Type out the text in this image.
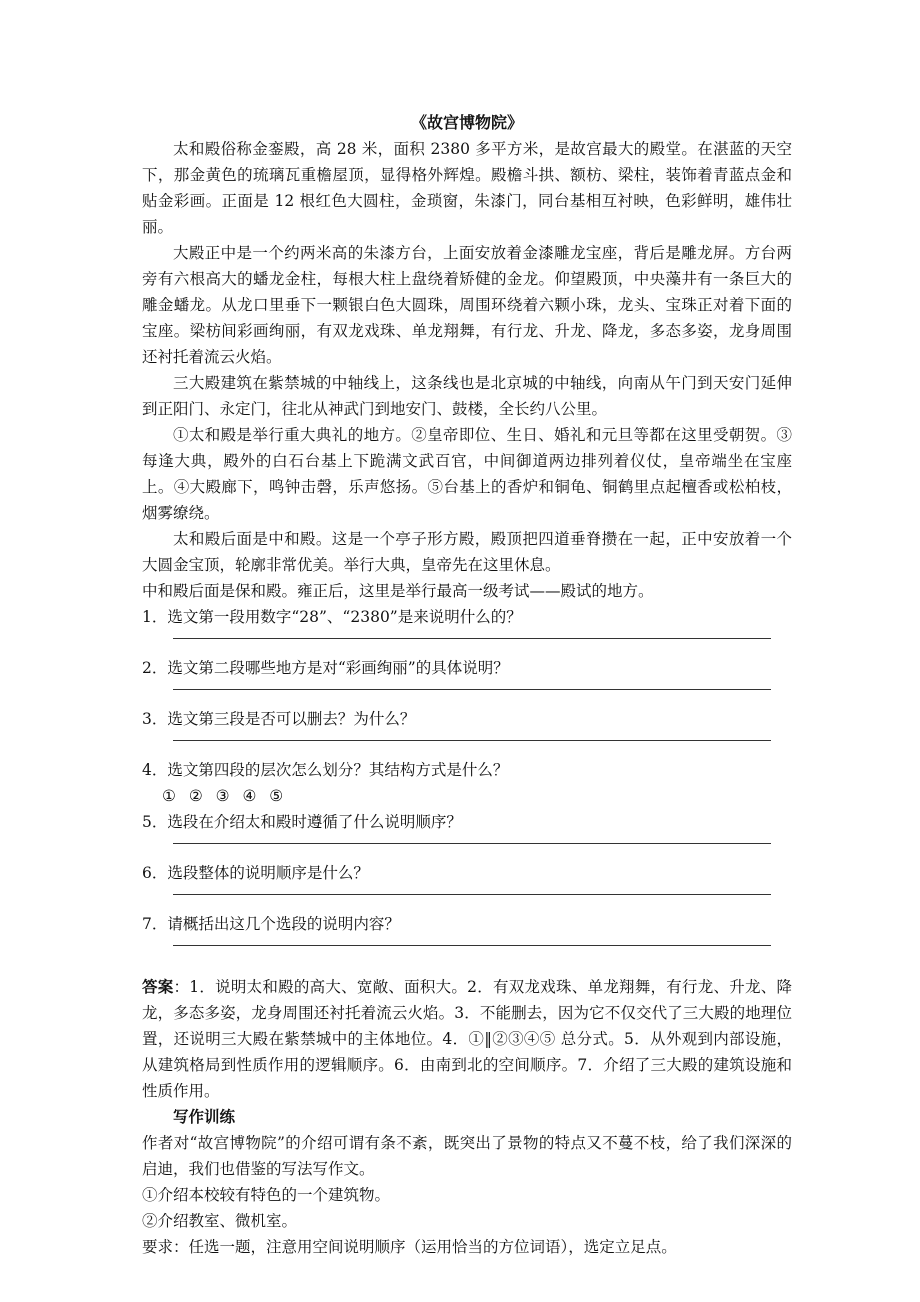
《故宫博物院》

太和殿俗称金銮殿，高 28 米，面积 2380 多平方米，是故宫最大的殿堂。在湛蓝的天空下，那金黄色的琉璃瓦重檐屋顶，显得格外辉煌。殿檐斗拱、额枋、梁柱，装饰着青蓝点金和贴金彩画。正面是 12 根红色大圆柱，金琐窗，朱漆门，同台基相互衬映，色彩鲜明，雄伟壮丽。

大殿正中是一个约两米高的朱漆方台，上面安放着金漆雕龙宝座，背后是雕龙屏。方台两旁有六根高大的蟠龙金柱，每根大柱上盘绕着矫健的金龙。仰望殿顶，中央藻井有一条巨大的雕金蟠龙。从龙口里垂下一颗银白色大圆珠，周围环绕着六颗小珠，龙头、宝珠正对着下面的宝座。梁枋间彩画绚丽，有双龙戏珠、单龙翔舞，有行龙、升龙、降龙，多态多姿，龙身周围还衬托着流云火焰。

三大殿建筑在紫禁城的中轴线上，这条线也是北京城的中轴线，向南从午门到天安门延伸到正阳门、永定门，往北从神武门到地安门、鼓楼，全长约八公里。

①太和殿是举行重大典礼的地方。②皇帝即位、生日、婚礼和元旦等都在这里受朝贺。③每逢大典，殿外的白石台基上下跪满文武百官，中间御道两边排列着仪仗，皇帝端坐在宝座上。④大殿廊下，鸣钟击磬，乐声悠扬。⑤台基上的香炉和铜龟、铜鹤里点起檀香或松柏枝，烟雾缭绕。

太和殿后面是中和殿。这是一个亭子形方殿，殿顶把四道垂脊攒在一起，正中安放着一个大圆金宝顶，轮廓非常优美。举行大典，皇帝先在这里休息。

中和殿后面是保和殿。雍正后，这里是举行最高一级考试——殿试的地方。

1．选文第一段用数字“28”、“2380”是来说明什么的？

2．选文第二段哪些地方是对“彩画绚丽”的具体说明？

3．选文第三段是否可以删去？为什么？

4．选文第四段的层次怎么划分？其结构方式是什么？

① ② ③ ④ ⑤

5．选段在介绍太和殿时遵循了什么说明顺序？

6．选段整体的说明顺序是什么？

7．请概括出这几个选段的说明内容？

答案：1．说明太和殿的高大、宽敞、面积大。2．有双龙戏珠、单龙翔舞，有行龙、升龙、降龙，多态多姿，龙身周围还衬托着流云火焰。3．不能删去，因为它不仅交代了三大殿的地理位置，还说明三大殿在紫禁城中的主体地位。4．①‖②③④⑤ 总分式。5．从外观到内部设施，从建筑格局到性质作用的逻辑顺序。6．由南到北的空间顺序。7．介绍了三大殿的建筑设施和性质作用。

写作训练

作者对“故宫博物院”的介绍可谓有条不紊，既突出了景物的特点又不蔓不枝，给了我们深深的启迪，我们也借鉴的写法写作文。

①介绍本校较有特色的一个建筑物。

②介绍教室、微机室。

要求：任选一题，注意用空间说明顺序（运用恰当的方位词语），选定立足点。
